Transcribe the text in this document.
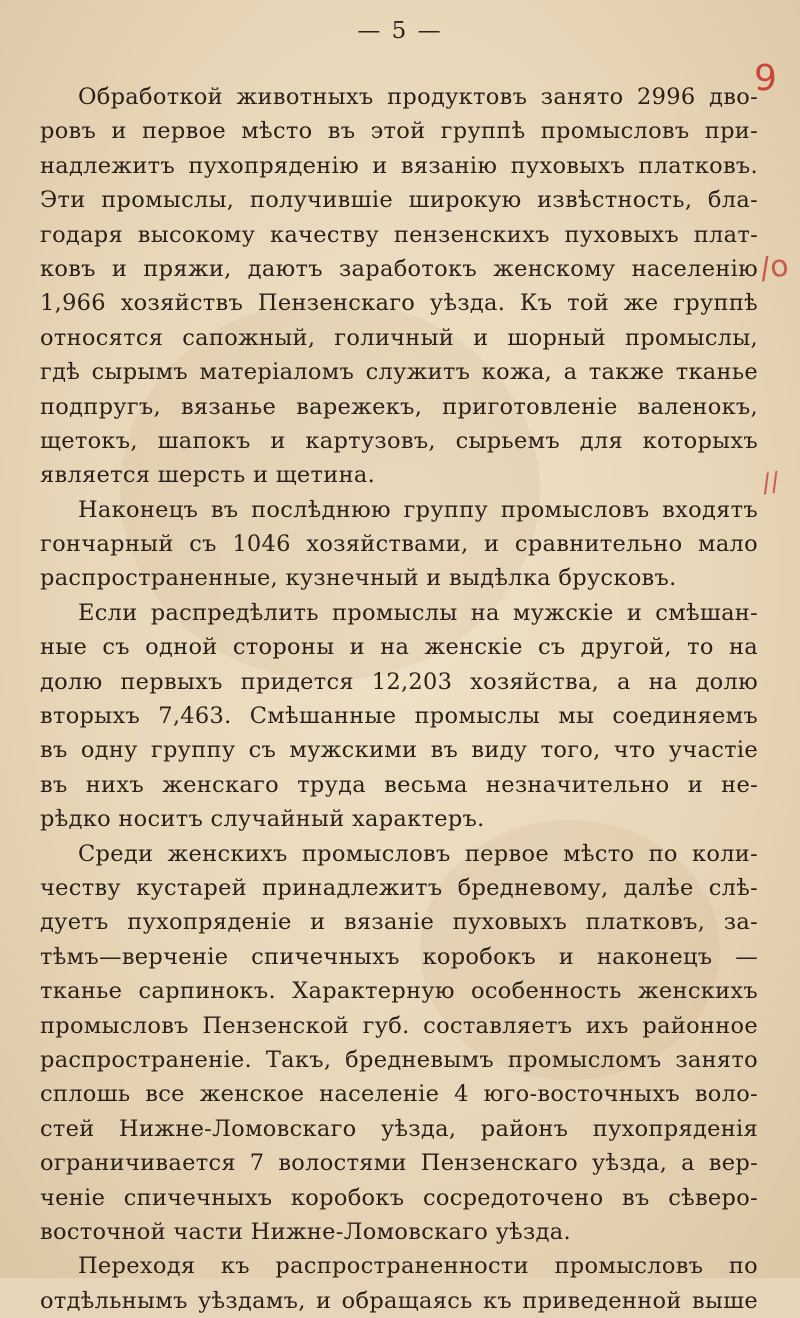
— 5 —
9
/о
//
Обработкой животныхъ продуктовъ занято 2996 дво-
ровъ и первое мѣсто въ этой группѣ промысловъ при-
надлежитъ пухопряденію и вязанію пуховыхъ платковъ.
Эти промыслы, получившіе широкую извѣстность, бла-
годаря высокому качеству пензенскихъ пуховыхъ плат-
ковъ и пряжи, даютъ заработокъ женскому населенію
1,966 хозяйствъ Пензенскаго уѣзда. Къ той же группѣ
относятся сапожный, голичный и шорный промыслы,
гдѣ сырымъ матеріаломъ служитъ кожа, а также тканье
подпругъ, вязанье варежекъ, приготовленіе валенокъ,
щетокъ, шапокъ и картузовъ, сырьемъ для которыхъ
является шерсть и щетина.
Наконецъ въ послѣднюю группу промысловъ входятъ
гончарный съ 1046 хозяйствами, и сравнительно мало
распространенные, кузнечный и выдѣлка брусковъ.
Если распредѣлить промыслы на мужскіе и смѣшан-
ные съ одной стороны и на женскіе съ другой, то на
долю первыхъ придется 12,203 хозяйства, а на долю
вторыхъ 7,463. Смѣшанные промыслы мы соединяемъ
въ одну группу съ мужскими въ виду того, что участіе
въ нихъ женскаго труда весьма незначительно и не-
рѣдко носитъ случайный характеръ.
Среди женскихъ промысловъ первое мѣсто по коли-
честву кустарей принадлежитъ бредневому, далѣе слѣ-
дуетъ пухопряденіе и вязаніе пуховыхъ платковъ, за-
тѣмъ—верченіе спичечныхъ коробокъ и наконецъ —
тканье сарпинокъ. Характерную особенность женскихъ
промысловъ Пензенской губ. составляетъ ихъ районное
распространеніе. Такъ, бредневымъ промысломъ занято
сплошь все женское населеніе 4 юго-восточныхъ воло-
стей Нижне-Ломовскаго уѣзда, районъ пухопряденія
ограничивается 7 волостями Пензенскаго уѣзда, а вер-
ченіе спичечныхъ коробокъ сосредоточено въ сѣверо-
восточной части Нижне-Ломовскаго уѣзда.
Переходя къ распространенности промысловъ по
отдѣльнымъ уѣздамъ, и обращаясь къ приведенной выше
